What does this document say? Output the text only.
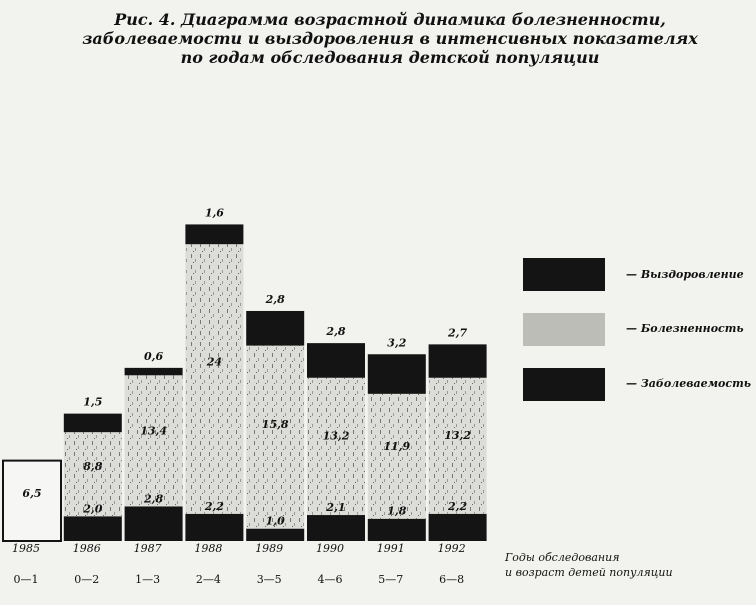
Рис. 4. Диаграмма возрастной динамика болезненности,
заболеваемости и выздоровления в интенсивных показателях
по годам обследования детской популяции
6,5
1985
0—1
1,5
8,8
2,0
1986
0—2
0,6
13,4
2,8
1987
1—3
1,6
24
2,2
1988
2—4
2,8
15,8
1,0
1989
3—5
2,8
13,2
2,1
1990
4—6
3,2
11,9
1,8
1991
5—7
2,7
13,2
2,2
1992
6—8
— Выздоровление
— Болезненность
— Заболеваемость
Годы обследования
и возраст детей популяции
